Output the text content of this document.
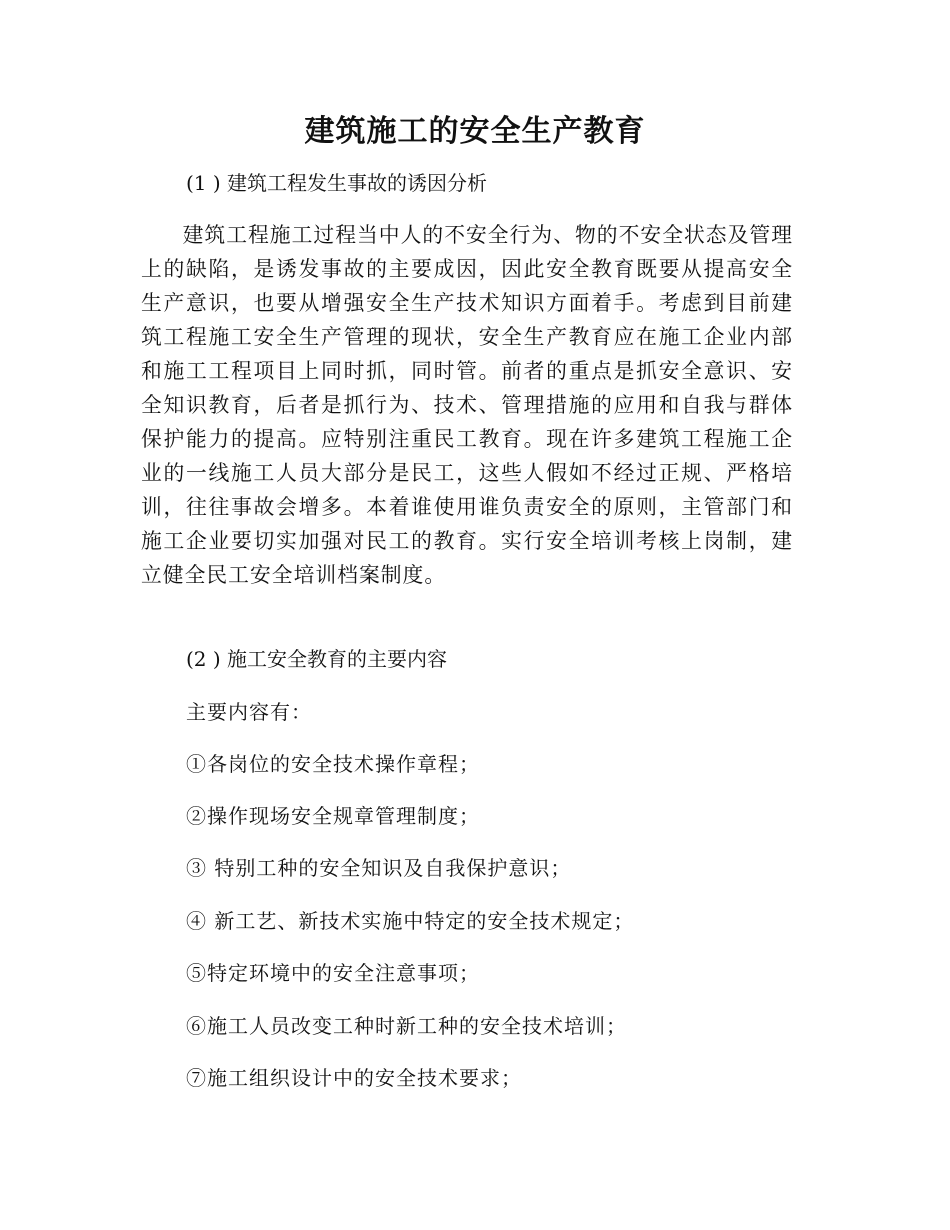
建筑施工的安全生产教育

(1 ) 建筑工程发生事故的诱因分析

建筑工程施工过程当中人的不安全行为、物的不安全状态及管理上的缺陷，是诱发事故的主要成因，因此安全教育既要从提高安全生产意识，也要从增强安全生产技术知识方面着手。考虑到目前建筑工程施工安全生产管理的现状，安全生产教育应在施工企业内部和施工工程项目上同时抓，同时管。前者的重点是抓安全意识、安全知识教育，后者是抓行为、技术、管理措施的应用和自我与群体保护能力的提高。应特别注重民工教育。现在许多建筑工程施工企业的一线施工人员大部分是民工，这些人假如不经过正规、严格培训，往往事故会增多。本着谁使用谁负责安全的原则，主管部门和施工企业要切实加强对民工的教育。实行安全培训考核上岗制，建立健全民工安全培训档案制度。

(2 ) 施工安全教育的主要内容

主要内容有：

①各岗位的安全技术操作章程；

②操作现场安全规章管理制度；

③ 特别工种的安全知识及自我保护意识；

④ 新工艺、新技术实施中特定的安全技术规定；

⑤特定环境中的安全注意事项；

⑥施工人员改变工种时新工种的安全技术培训；

⑦施工组织设计中的安全技术要求；
